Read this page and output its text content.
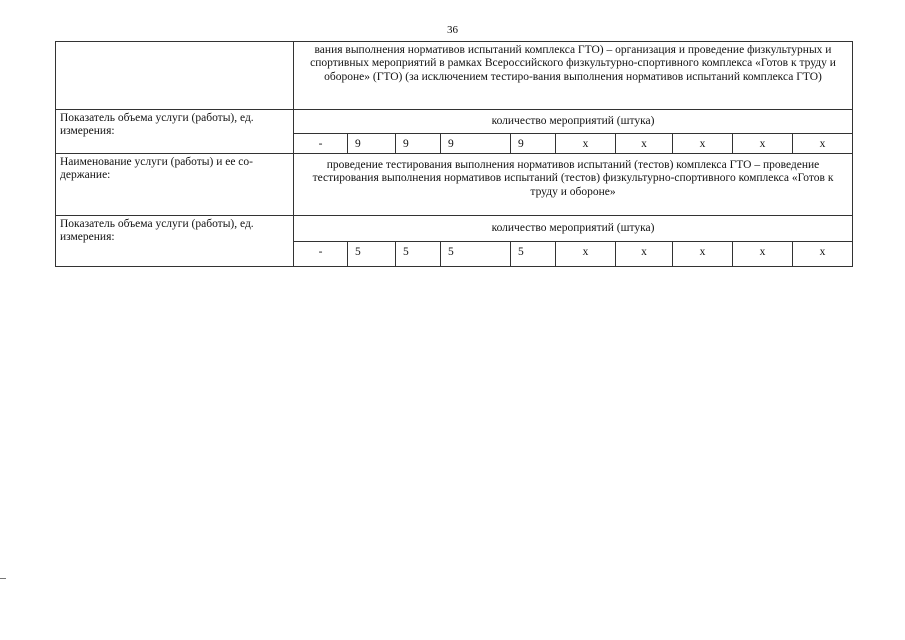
36
вания выполнения нормативов испытаний комплекса ГТО) – организация и проведение физкультурных и спортивных мероприятий в рамках Всероссийского физкультурно-спортивного комплекса «Готов к труду и обороне» (ГТО) (за исключением тестиро-вания выполнения нормативов испытаний комплекса ГТО)
Показатель объема услуги (работы), ед. измерения:
количество мероприятий (штука)
-	9	9	9	9	х	х	х	х	х
Наименование услуги (работы) и ее со-держание:
проведение тестирования выполнения нормативов испытаний (тестов) комплекса ГТО – проведение тестирования выполнения нормативов испытаний (тестов) физкультурно-спортивного комплекса «Готов к труду и обороне»
Показатель объема услуги (работы), ед. измерения:
количество мероприятий (штука)
-	5	5	5	5	х	х	х	х	х
